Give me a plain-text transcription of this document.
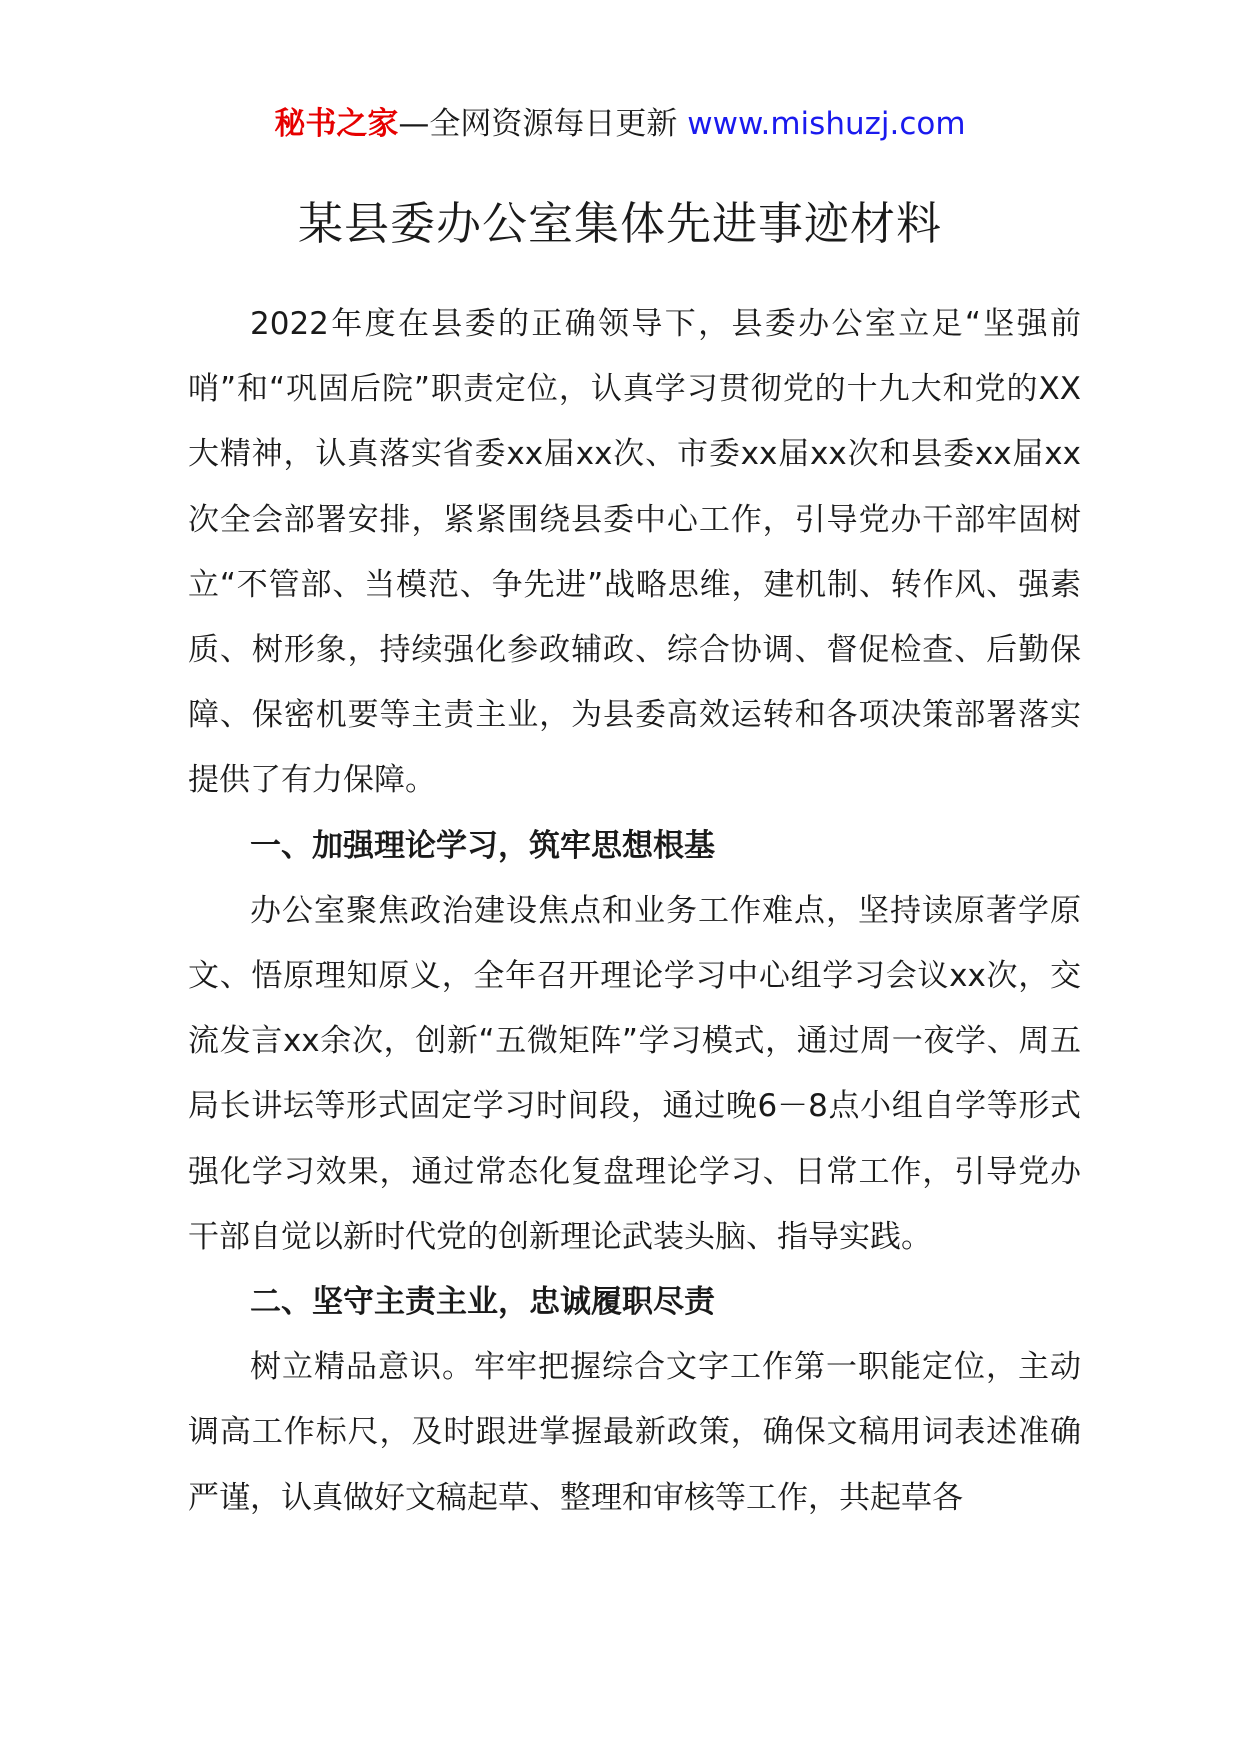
秘书之家—全网资源每日更新 www.mishuzj.com
某县委办公室集体先进事迹材料

2022年度在县委的正确领导下，县委办公室立足“坚强前哨”和“巩固后院”职责定位，认真学习贯彻党的十九大和党的XX大精神，认真落实省委xx届xx次、市委xx届xx次和县委xx届xx次全会部署安排，紧紧围绕县委中心工作，引导党办干部牢固树立“不管部、当模范、争先进”战略思维，建机制、转作风、强素质、树形象，持续强化参政辅政、综合协调、督促检查、后勤保障、保密机要等主责主业，为县委高效运转和各项决策部署落实提供了有力保障。

一、加强理论学习，筑牢思想根基

办公室聚焦政治建设焦点和业务工作难点，坚持读原著学原文、悟原理知原义，全年召开理论学习中心组学习会议xx次，交流发言xx余次，创新“五微矩阵”学习模式，通过周一夜学、周五局长讲坛等形式固定学习时间段，通过晚6－8点小组自学等形式强化学习效果，通过常态化复盘理论学习、日常工作，引导党办干部自觉以新时代党的创新理论武装头脑、指导实践。

二、坚守主责主业，忠诚履职尽责

树立精品意识。牢牢把握综合文字工作第一职能定位，主动调高工作标尺，及时跟进掌握最新政策，确保文稿用词表述准确严谨，认真做好文稿起草、整理和审核等工作，共起草各
